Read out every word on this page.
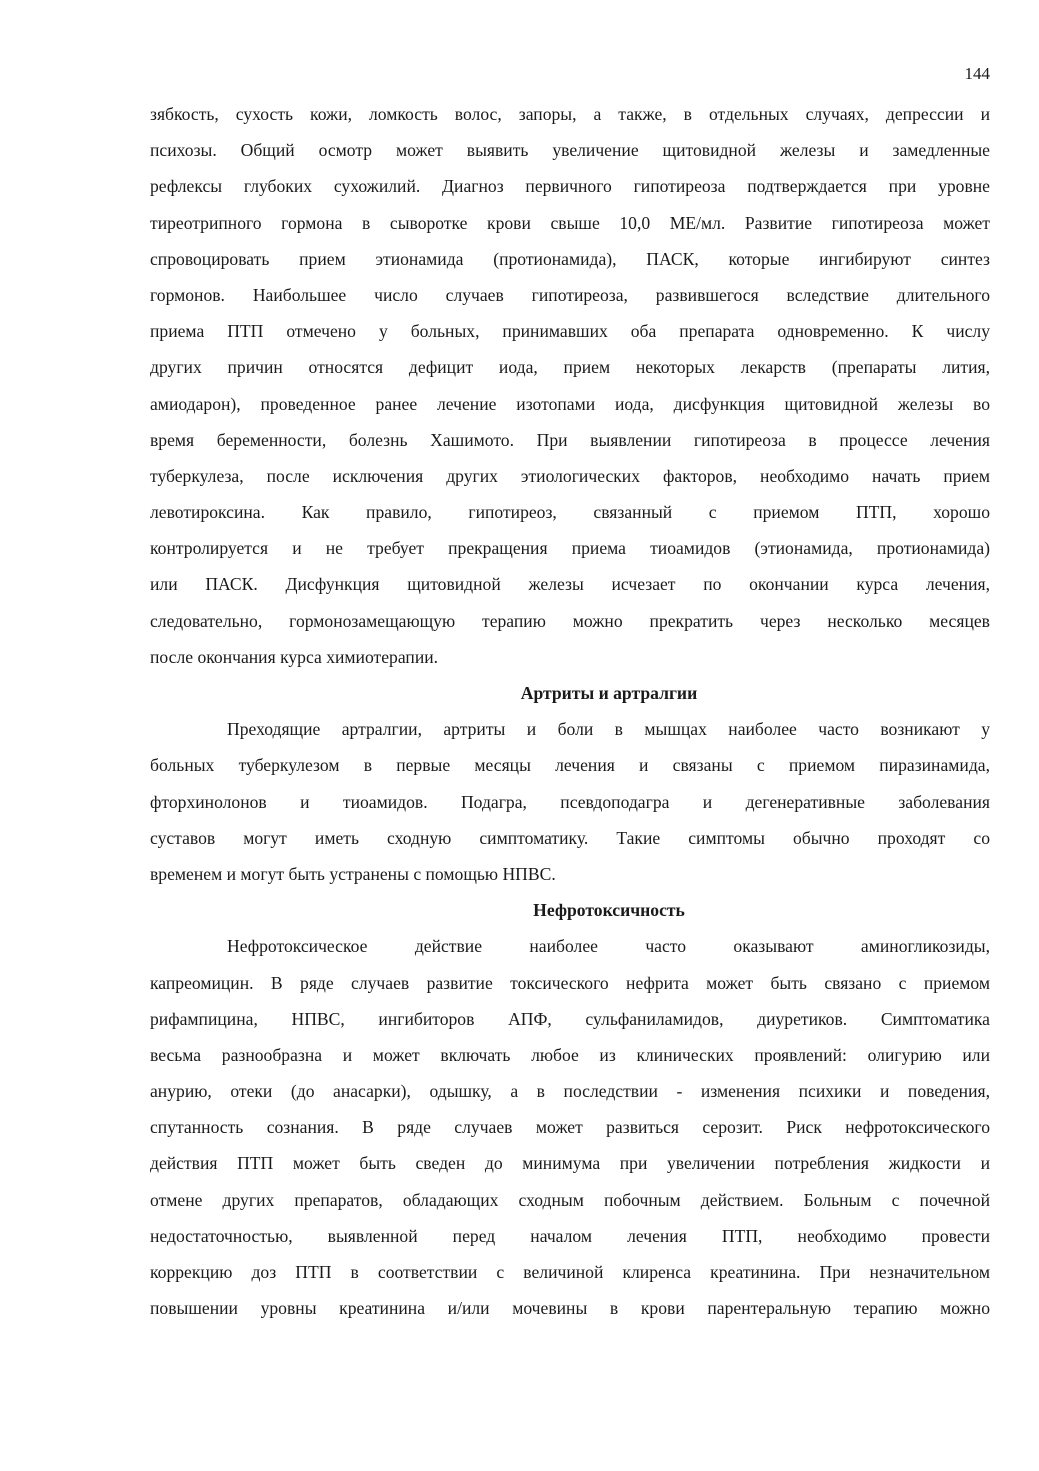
144
зябкость, сухость кожи, ломкость волос, запоры, а также, в отдельных случаях, депрессии и
психозы. Общий осмотр может выявить увеличение щитовидной железы и замедленные
рефлексы глубоких сухожилий. Диагноз первичного гипотиреоза подтверждается при уровне
тиреотрипного гормона в сыворотке крови свыше 10,0 МЕ/мл. Развитие гипотиреоза может
спровоцировать прием этионамида (протионамида), ПАСК, которые ингибируют синтез
гормонов. Наибольшее число случаев гипотиреоза, развившегося вследствие длительного
приема ПТП отмечено у больных, принимавших оба препарата одновременно. К числу
других причин относятся дефицит иода, прием некоторых лекарств (препараты лития,
амиодарон), проведенное ранее лечение изотопами иода, дисфункция щитовидной железы во
время беременности, болезнь Хашимото. При выявлении гипотиреоза в процессе лечения
туберкулеза, после исключения других этиологических факторов, необходимо начать прием
левотироксина. Как правило, гипотиреоз, связанный с приемом ПТП, хорошо
контролируется и не требует прекращения приема тиоамидов (этионамида, протионамида)
или ПАСК. Дисфункция щитовидной железы исчезает по окончании курса лечения,
следовательно, гормонозамещающую терапию можно прекратить через несколько месяцев
после окончания курса химиотерапии.
Артриты и артралгии
Преходящие артралгии, артриты и боли в мышцах наиболее часто возникают у
больных туберкулезом в первые месяцы лечения и связаны с приемом пиразинамида,
фторхинолонов и тиоамидов. Подагра, псевдоподагра и дегенеративные заболевания
суставов могут иметь сходную симптоматику. Такие симптомы обычно проходят со
временем и могут быть устранены с помощью НПВС.
Нефротоксичность
Нефротоксическое действие наиболее часто оказывают аминогликозиды,
капреомицин. В ряде случаев развитие токсического нефрита может быть связано с приемом
рифампицина, НПВС, ингибиторов АПФ, сульфаниламидов, диуретиков. Симптоматика
весьма разнообразна и может включать любое из клинических проявлений: олигурию или
анурию, отеки (до анасарки), одышку, а в последствии - изменения психики и поведения,
спутанность сознания. В ряде случаев может развиться серозит. Риск нефротоксического
действия ПТП может быть сведен до минимума при увеличении потребления жидкости и
отмене других препаратов, обладающих сходным побочным действием. Больным с почечной
недостаточностью, выявленной перед началом лечения ПТП, необходимо провести
коррекцию доз ПТП в соответствии с величиной клиренса креатинина. При незначительном
повышении уровны креатинина и/или мочевины в крови парентеральную терапию можно
